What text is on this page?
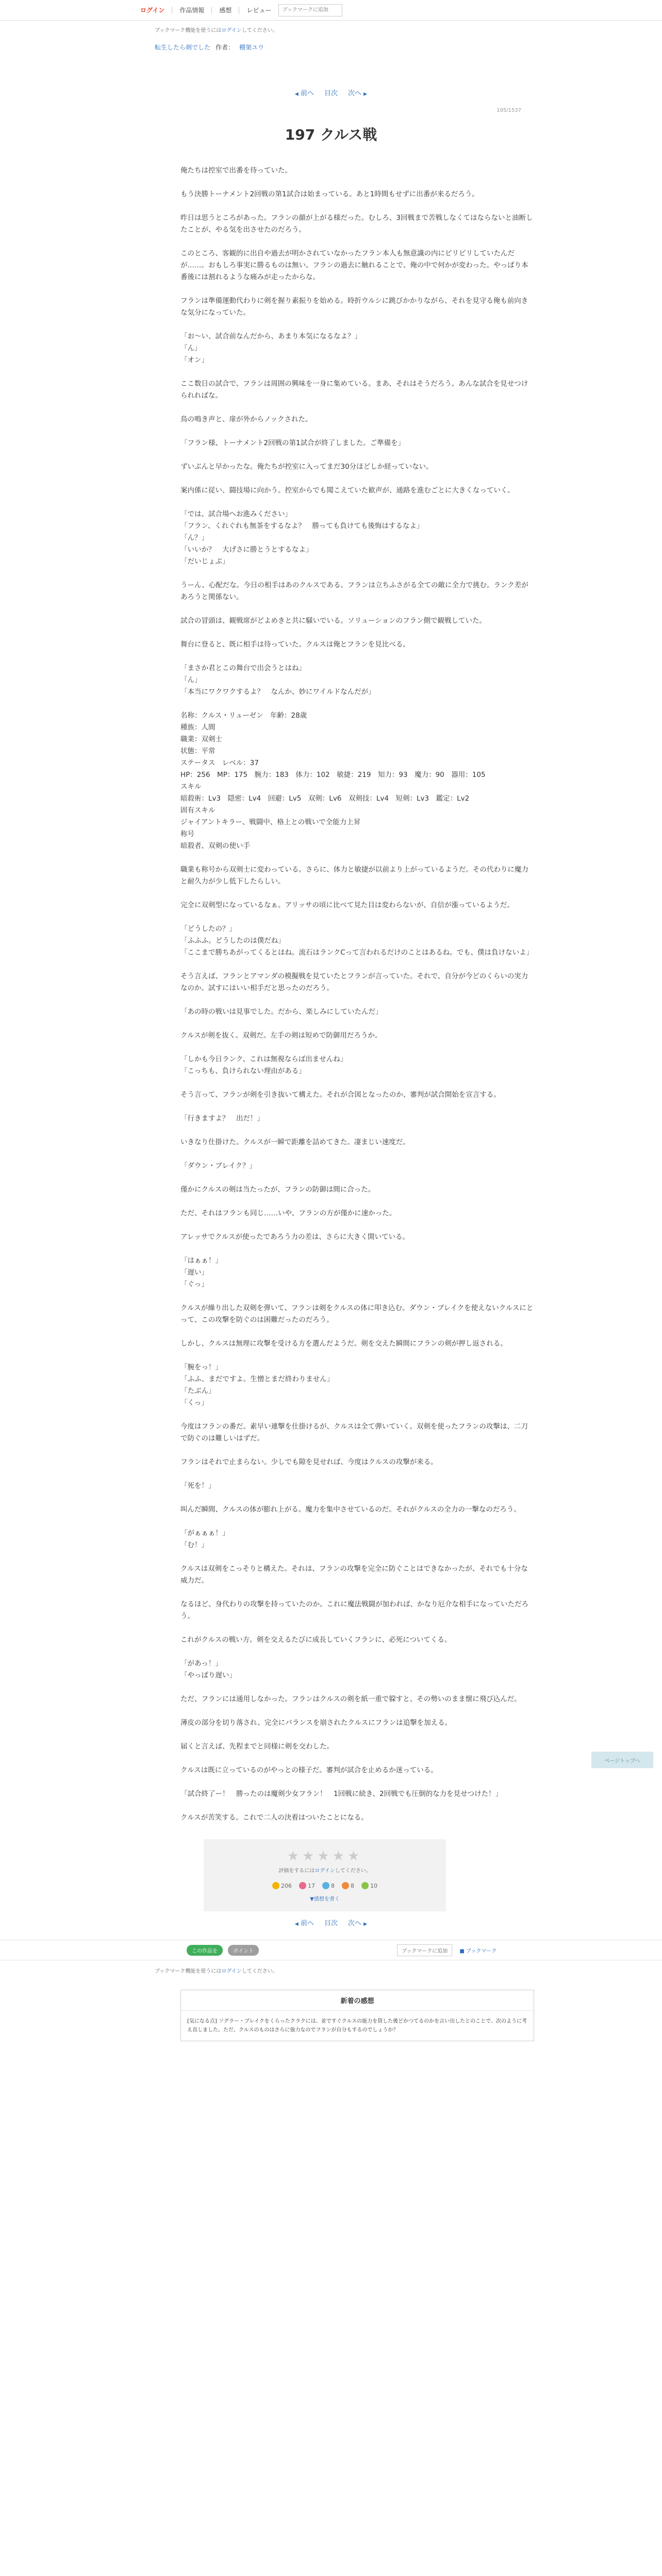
ログイン 作品情報 感想 レビュー
ブックマークに追加
ブックマーク機能を使うにはログインしてください。
転生したら剣でした 作者： 棚架ユウ
◀ 前へ 目次 次へ ▶
195/1537
197 クルス戦

俺たちは控室で出番を待っていた。

もう決勝トーナメント2回戦の第1試合は始まっている。あと1時間もせずに出番が来るだろう。

昨日は思うところがあった。フランの顔が上がる様だった。むしろ、3回戦まで苦戦しなくてはならないと油断したことが、やる気を出させたのだろう。

このところ、客観的に出自や過去が明かされていなかったフラン本人も無意識の内にピリピリしていたんだが……。おもしろ事実に勝るものは無い。フランの過去に触れることで、俺の中で何かが変わった。やっぱり本番後には割れるような痛みが走ったからな。

フランは準備運動代わりに剣を握り素振りを始める。時折ウルシに跳びかかりながら、それを見守る俺も前向きな気分になっていた。

「お〜い、試合前なんだから、あまり本気になるなよ？」
「ん」
「オン」

ここ数日の試合で、フランは周囲の興味を一身に集めている。まあ、それはそうだろう。あんな試合を見せつけられればな。

鳥の鳴き声と、扉が外からノックされた。

「フラン様、トーナメント2回戦の第1試合が終了しました。ご準備を」

ずいぶんと早かったな。俺たちが控室に入ってまだ30分ほどしか経っていない。

案内係に従い、闘技場に向かう。控室からでも聞こえていた歓声が、通路を進むごとに大きくなっていく。

「では、試合場へお進みください」
「フラン、くれぐれも無茶をするなよ？　勝っても負けても後悔はするなよ」
「ん？」
「いいか？　大げさに勝とうとするなよ」
「だいじょぶ」

うーん、心配だな。今日の相手はあのクルスである。フランは立ちふさがる全ての敵に全力で挑む。ランク差があろうと関係ない。

試合の冒頭は、観戦席がどよめきと共に騒いでいる。ソリューションのフラン側で観戦していた。

舞台に登ると、既に相手は待っていた。クルスは俺とフランを見比べる。

「まさか君とこの舞台で出会うとはね」
「ん」
「本当にワクワクするよ？　なんか、妙にワイルドなんだが」

名称：クルス・リューゼン　年齢：28歳
種族：人間
職業：双剣士
状態：平常
ステータス　レベル：37
HP：256　MP：175　腕力：183　体力：102　敏捷：219　知力：93　魔力：90　器用：105
スキル
暗殺術：Lv3　隠密：Lv4　回避：Lv5　双剣：Lv6　双剣技：Lv4　短剣：Lv3　鑑定：Lv2
固有スキル
ジャイアントキラー、戦闘中、格上との戦いで全能力上昇
称号
暗殺者、双剣の使い手

職業も称号から双剣士に変わっている。さらに、体力と敏捷が以前より上がっているようだ。その代わりに魔力と耐久力が少し低下したらしい。

完全に双剣型になっているなぁ。アリッサの頃に比べて見た目は変わらないが、自信が漲っているようだ。

「どうしたの？」
「ふふふ。どうしたのは僕だね」
「ここまで勝ちあがってくるとはね。流石はランクCって言われるだけのことはあるね。でも、僕は負けないよ」

そう言えば、フランとアマンダの模擬戦を見ていたとフランが言っていた。それで、自分が今どのくらいの実力なのか、試すにはいい相手だと思ったのだろう。

「あの時の戦いは見事でした。だから、楽しみにしていたんだ」

クルスが剣を抜く。双剣だ。左手の剣は短めで防御用だろうか。

「しかも今日ランク、これは無視ならば出ませんね」
「こっちも、負けられない理由がある」

そう言って、フランが剣を引き抜いて構えた。それが合図となったのか、審判が試合開始を宣言する。

「行きますよ？　出だ！」

いきなり仕掛けた。クルスが一瞬で距離を詰めてきた。凄まじい速度だ。

「ダウン・ブレイク？」

僅かにクルスの剣は当たったが、フランの防御は間に合った。

ただ、それはフランも同じ……いや、フランの方が僅かに速かった。

アレッサでクルスが使ったであろう力の差は、さらに大きく開いている。

「はぁぁ！」
「遅い」
「ぐっ」

クルスが繰り出した双剣を弾いて、フランは剣をクルスの体に叩き込む。ダウン・ブレイクを使えないクルスにとって、この攻撃を防ぐのは困難だったのだろう。

しかし、クルスは無理に攻撃を受ける方を選んだようだ。剣を交えた瞬間にフランの剣が押し返される。

「腕をっ！」
「ふふ、まだですよ。生憎とまだ終わりません」
「たぶん」
「くっ」

今度はフランの番だ。素早い連撃を仕掛けるが、クルスは全て弾いていく。双剣を使ったフランの攻撃は、二刀で防ぐのは難しいはずだ。

フランはそれで止まらない。少しでも隙を見せれば、今度はクルスの攻撃が来る。

「死を！」

叫んだ瞬間、クルスの体が膨れ上がる。魔力を集中させているのだ。それがクルスの全力の一撃なのだろう。

「がぁぁぁ！」
「む！」

クルスは双剣をこっそりと構えた。それは、フランの攻撃を完全に防ぐことはできなかったが、それでも十分な威力だ。

なるほど、身代わりの攻撃を持っていたのか。これに魔法戦闘が加われば、かなり厄介な相手になっていただろう。

これがクルスの戦い方。剣を交えるたびに成長していくフランに、必死についてくる。

「があっ！」
「やっぱり遅い」

ただ、フランには通用しなかった。フランはクルスの剣を紙一重で躱すと、その勢いのまま懐に飛び込んだ。

薄皮の部分を切り落され、完全にバランスを崩されたクルスにフランは追撃を加える。

届くと言えば、先程までと同様に剣を交わした。

クルスは既に立っているのがやっとの様子だ。審判が試合を止めるか迷っている。

「試合終了ー！　勝ったのは魔剣少女フラン！　1回戦に続き、2回戦でも圧倒的な力を見せつけた！」

クルスが苦笑する。これで二人の決着はついたことになる。

ページトップへ
★★★★★
評価をするにはログインしてください。
206	17	8	8	10
▼感想を書く
◀ 前へ 目次 次へ ▶
この作品を	ポイント	ブックマークに追加	■ ブックマーク
ブックマーク機能を使うにはログインしてください。
新着の感想
[気になる点] ソグラー・ブレイクをくらったクラクには、並ですぐクルスの能力を貸した後どかつてるのかを言い出したとのことで、次のように考え直しました。ただ、クルスのものはさらに強力なのでフランが自分もするのでしょうか？
